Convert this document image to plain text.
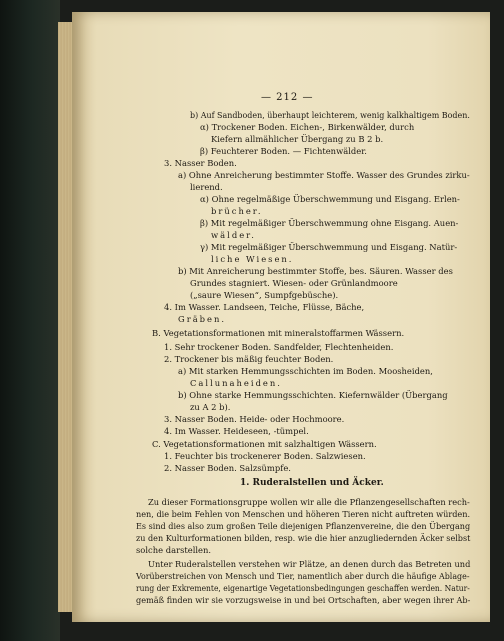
— 212 —
b) Auf Sandboden, überhaupt leichterem, wenig kalkhaltigem Boden.
α) Trockener Boden. Eichen-, Birkenwälder, durch
Kiefern allmählicher Übergang zu B 2 b.
β) Feuchterer Boden. — Fichtenwälder.
3. Nasser Boden.
a) Ohne Anreicherung bestimmter Stoffe. Wasser des Grundes zirku-
lierend.
α) Ohne regelmäßige Überschwemmung und Eisgang. Erlen-
brücher.
β) Mit regelmäßiger Überschwemmung ohne Eisgang. Auen-
wälder.
γ) Mit regelmäßiger Überschwemmung und Eisgang. Natür-
liche Wiesen.
b) Mit Anreicherung bestimmter Stoffe, bes. Säuren. Wasser des
Grundes stagniert. Wiesen- oder Grünlandmoore
(„saure Wiesen“, Sumpfgebüsche).
4. Im Wasser. Landseen, Teiche, Flüsse, Bäche,
Gräben.
B. Vegetationsformationen mit mineralstoffarmen Wässern.
1. Sehr trockener Boden. Sandfelder, Flechtenheiden.
2. Trockener bis mäßig feuchter Boden.
a) Mit starken Hemmungsschichten im Boden. Moosheiden,
Callunaheiden.
b) Ohne starke Hemmungsschichten. Kiefernwälder (Übergang
zu A 2 b).
3. Nasser Boden. Heide- oder Hochmoore.
4. Im Wasser. Heideseen, -tümpel.
C. Vegetationsformationen mit salzhaltigen Wässern.
1. Feuchter bis trockenerer Boden. Salzwiesen.
2. Nasser Boden. Salzsümpfe.
1. Ruderalstellen und Äcker.
Zu dieser Formationsgruppe wollen wir alle die Pflanzengesellschaften rech-
nen, die beim Fehlen von Menschen und höheren Tieren nicht auftreten würden.
Es sind dies also zum großen Teile diejenigen Pflanzenvereine, die den Übergang
zu den Kulturformationen bilden, resp. wie die hier anzugliedernden Äcker selbst
solche darstellen.
Unter Ruderalstellen verstehen wir Plätze, an denen durch das Betreten und
Vorüberstreichen von Mensch und Tier, namentlich aber durch die häufige Ablage-
rung der Exkremente, eigenartige Vegetationsbedingungen geschaffen werden. Natur-
gemäß finden wir sie vorzugsweise in und bei Ortschaften, aber wegen ihrer Ab-
